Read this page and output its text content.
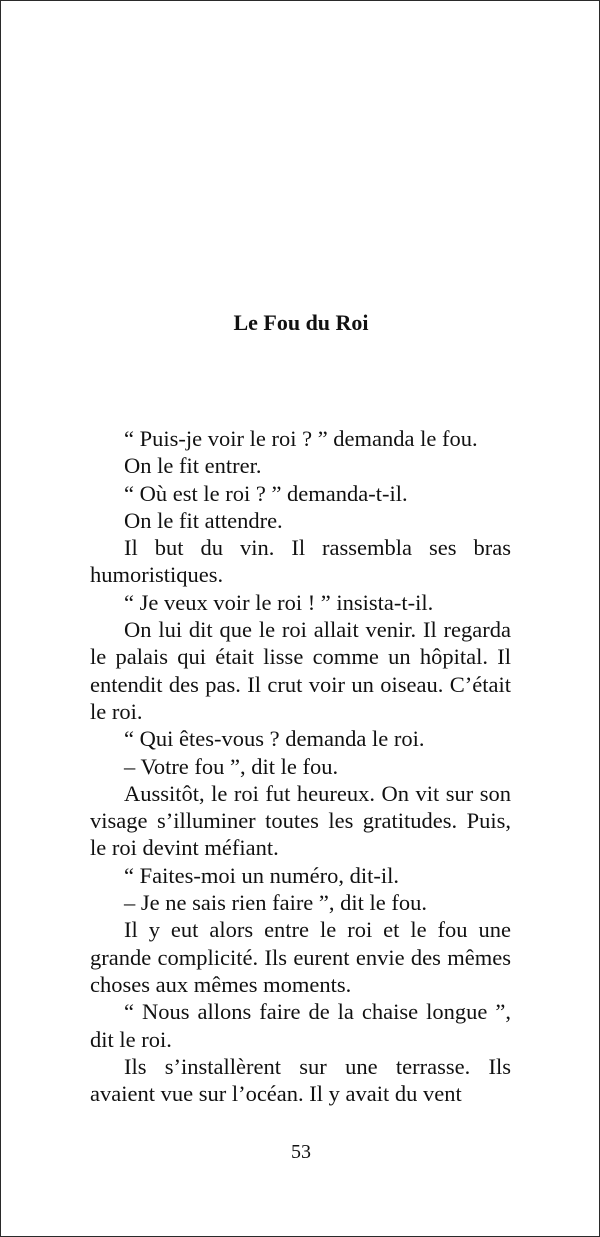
Le Fou du Roi

“ Puis-je voir le roi ? ” demanda le fou.

On le fit entrer.

“ Où est le roi ? ” demanda-t-il.

On le fit attendre.

Il but du vin. Il rassembla ses bras humoristiques.

“ Je veux voir le roi ! ” insista-t-il.

On lui dit que le roi allait venir. Il regarda le palais qui était lisse comme un hôpital. Il entendit des pas. Il crut voir un oiseau. C’était le roi.

“ Qui êtes-vous ? demanda le roi.

– Votre fou ”, dit le fou.

Aussitôt, le roi fut heureux. On vit sur son visage s’illuminer toutes les gratitudes. Puis, le roi devint méfiant.

“ Faites-moi un numéro, dit-il.

– Je ne sais rien faire ”, dit le fou.

Il y eut alors entre le roi et le fou une grande complicité. Ils eurent envie des mêmes choses aux mêmes moments.

“ Nous allons faire de la chaise longue ”, dit le roi.

Ils s’installèrent sur une terrasse. Ils avaient vue sur l’océan. Il y avait du vent

53
